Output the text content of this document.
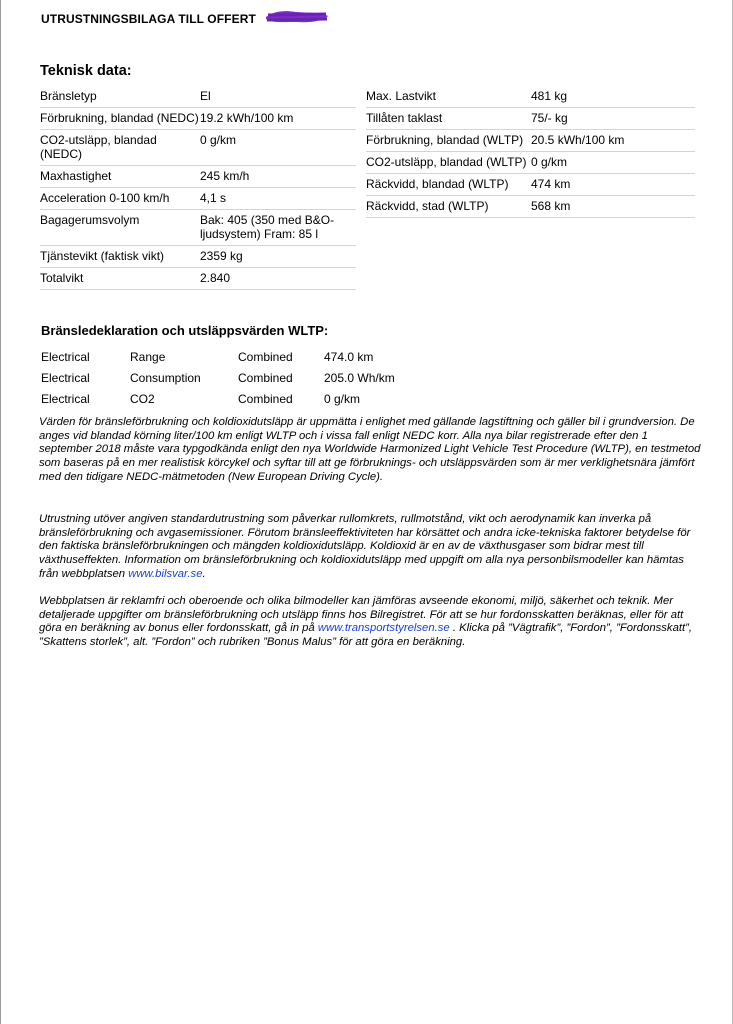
UTRUSTNINGSBILAGA TILL OFFERT
Teknisk data:
Bränsletyp	El
Förbrukning, blandad (NEDC)	19.2 kWh/100 km
CO2-utsläpp, blandad (NEDC)	0 g/km
Maxhastighet	245 km/h
Acceleration 0-100 km/h	4,1 s
Bagagerumsvolym	Bak: 405 (350 med B&O-ljudsystem) Fram: 85 l
Tjänstevikt (faktisk vikt)	2359 kg
Totalvikt	2.840
Max. Lastvikt	481 kg
Tillåten taklast	75/- kg
Förbrukning, blandad (WLTP)	20.5 kWh/100 km
CO2-utsläpp, blandad (WLTP)	0 g/km
Räckvidd, blandad (WLTP)	474 km
Räckvidd, stad (WLTP)	568 km
Bränsledeklaration och utsläppsvärden WLTP:
Electrical	Range	Combined	474.0 km
Electrical	Consumption	Combined	205.0 Wh/km
Electrical	CO2	Combined	0 g/km
Värden för bränsleförbrukning och koldioxidutsläpp är uppmätta i enlighet med gällande lagstiftning och gäller bil i grundversion. De anges vid blandad körning liter/100 km enligt WLTP och i vissa fall enligt NEDC korr. Alla nya bilar registrerade efter den 1 september 2018 måste vara typgodkända enligt den nya Worldwide Harmonized Light Vehicle Test Procedure (WLTP), en testmetod som baseras på en mer realistisk körcykel och syftar till att ge förbruknings- och utsläppsvärden som är mer verklighetsnära jämfört med den tidigare NEDC-mätmetoden (New European Driving Cycle).
Utrustning utöver angiven standardutrustning som påverkar rullomkrets, rullmotstånd, vikt och aerodynamik kan inverka på bränsleförbrukning och avgasemissioner. Förutom bränsleeffektiviteten har körsättet och andra icke-tekniska faktorer betydelse för den faktiska bränsleförbrukningen och mängden koldioxidutsläpp. Koldioxid är en av de växthusgaser som bidrar mest till växthuseffekten. Information om bränsleförbrukning och koldioxidutsläpp med uppgift om alla nya personbilsmodeller kan hämtas från webbplatsen www.bilsvar.se.
Webbplatsen är reklamfri och oberoende och olika bilmodeller kan jämföras avseende ekonomi, miljö, säkerhet och teknik. Mer detaljerade uppgifter om bränsleförbrukning och utsläpp finns hos Bilregistret. För att se hur fordonsskatten beräknas, eller för att göra en beräkning av bonus eller fordonsskatt, gå in på www.transportstyrelsen.se . Klicka på ”Vägtrafik”, ”Fordon”, ”Fordonsskatt”, ”Skattens storlek”, alt. ”Fordon” och rubriken ”Bonus Malus” för att göra en beräkning.
